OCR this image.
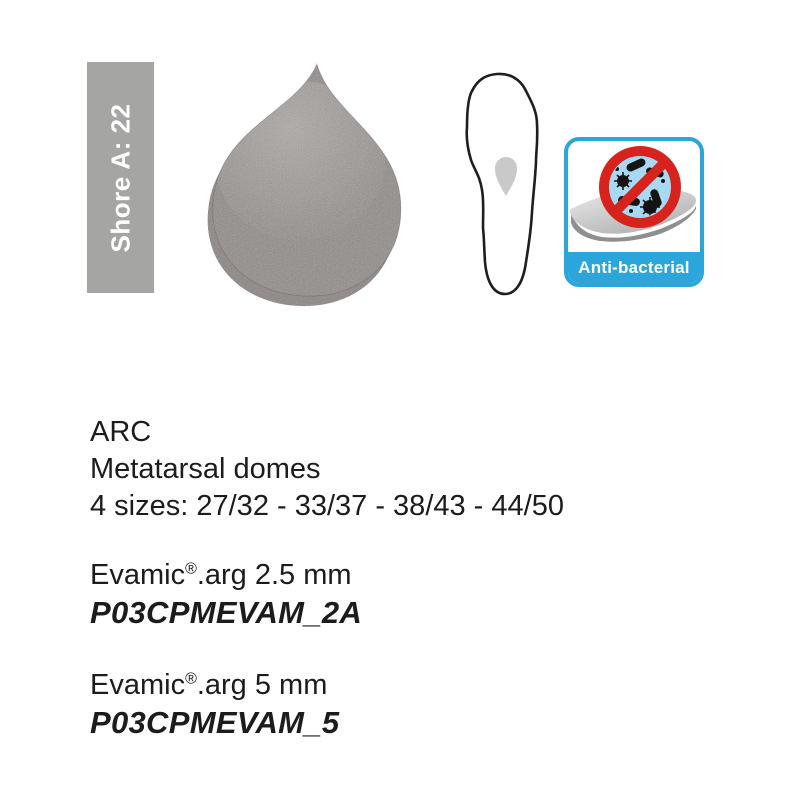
Shore A: 22
Anti-bacterial
ARC
Metatarsal domes
4 sizes: 27/32 - 33/37 - 38/43 - 44/50
Evamic®.arg 2.5 mm
P03CPMEVAM_2A
Evamic®.arg 5 mm
P03CPMEVAM_5
